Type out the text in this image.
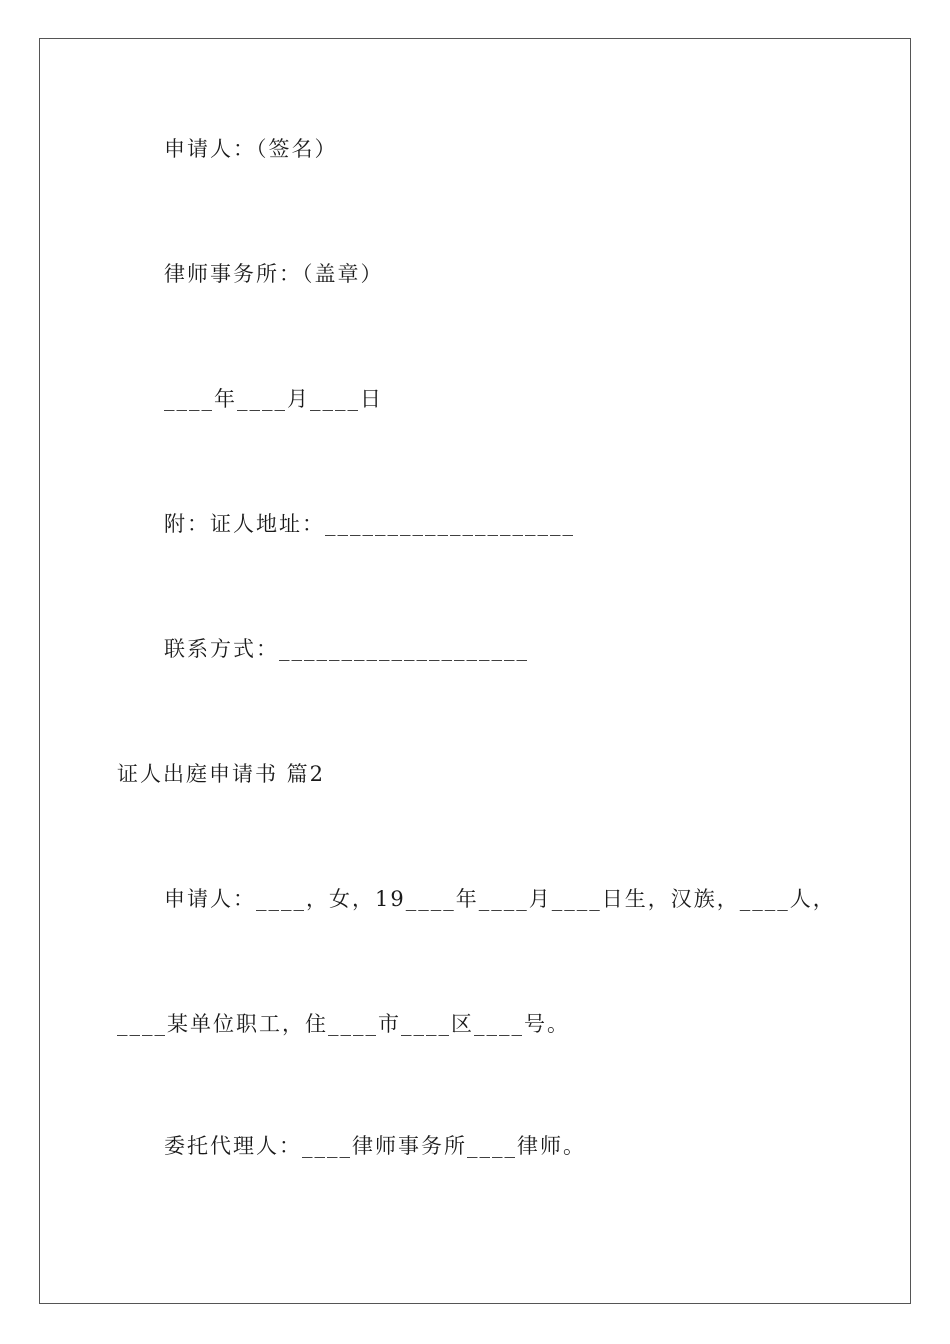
申请人：（签名）
律师事务所：（盖章）
____年____月____日
附：证人地址：____________________
联系方式：____________________
证人出庭申请书 篇2
申请人：____，女，19____年____月____日生，汉族，____人，
____某单位职工，住____市____区____号。
委托代理人：____律师事务所____律师。
